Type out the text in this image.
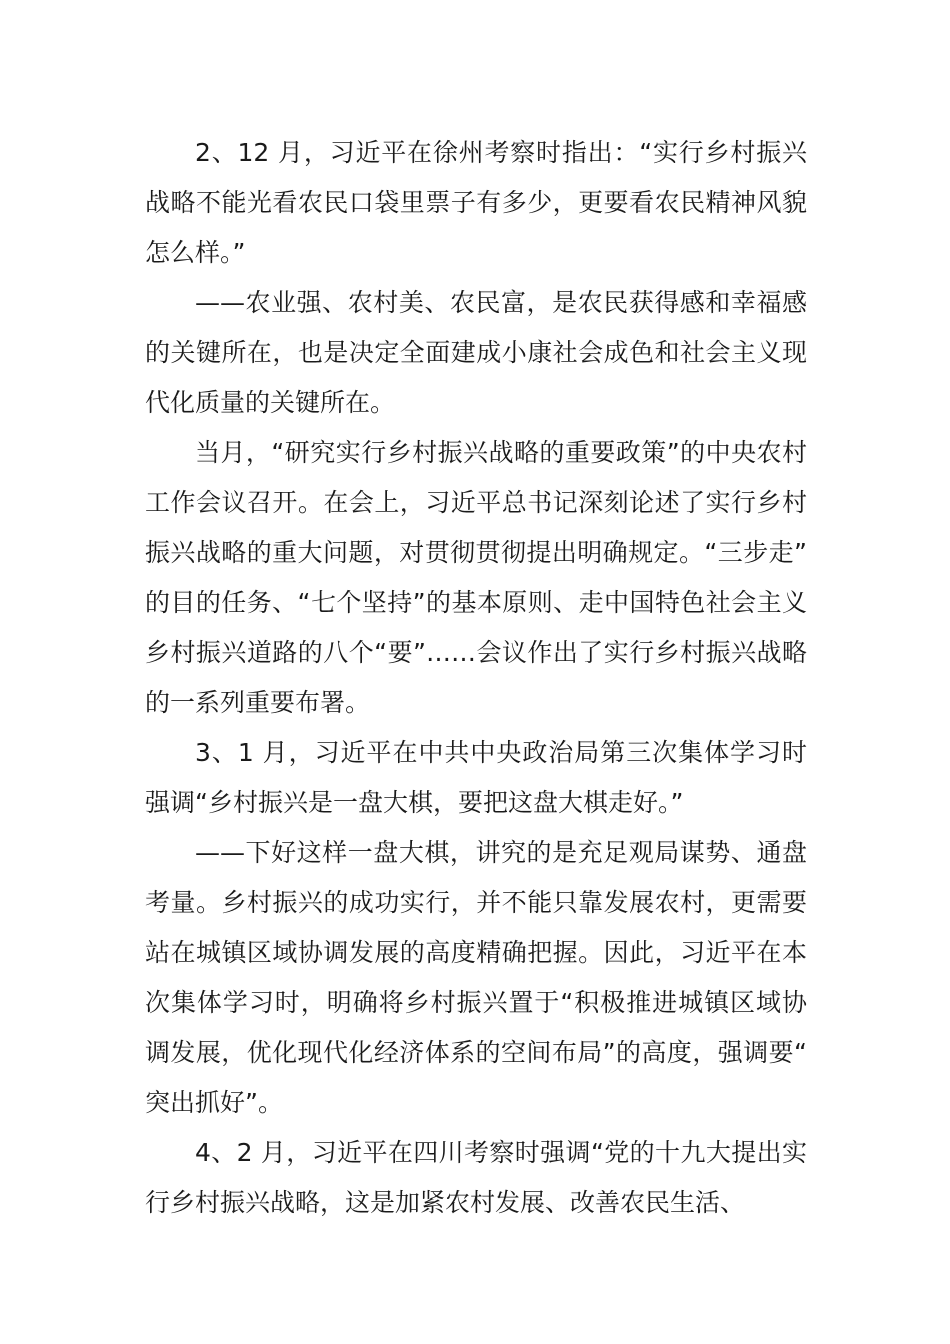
2、12 月，习近平在徐州考察时指出：“实行乡村振兴战略不能光看农民口袋里票子有多少，更要看农民精神风貌怎么样。”

——农业强、农村美、农民富，是农民获得感和幸福感的关键所在，也是决定全面建成小康社会成色和社会主义现代化质量的关键所在。

当月，“研究实行乡村振兴战略的重要政策”的中央农村工作会议召开。在会上，习近平总书记深刻论述了实行乡村振兴战略的重大问题，对贯彻贯彻提出明确规定。“三步走”的目的任务、“七个坚持”的基本原则、走中国特色社会主义乡村振兴道路的八个“要”……会议作出了实行乡村振兴战略的一系列重要布署。

3、1 月，习近平在中共中央政治局第三次集体学习时强调“乡村振兴是一盘大棋，要把这盘大棋走好。”

——下好这样一盘大棋，讲究的是充足观局谋势、通盘考量。乡村振兴的成功实行，并不能只靠发展农村，更需要站在城镇区域协调发展的高度精确把握。因此，习近平在本次集体学习时，明确将乡村振兴置于“积极推进城镇区域协调发展，优化现代化经济体系的空间布局”的高度，强调要“突出抓好”。

4、2 月，习近平在四川考察时强调“党的十九大提出实行乡村振兴战略，这是加紧农村发展、改善农民生活、
